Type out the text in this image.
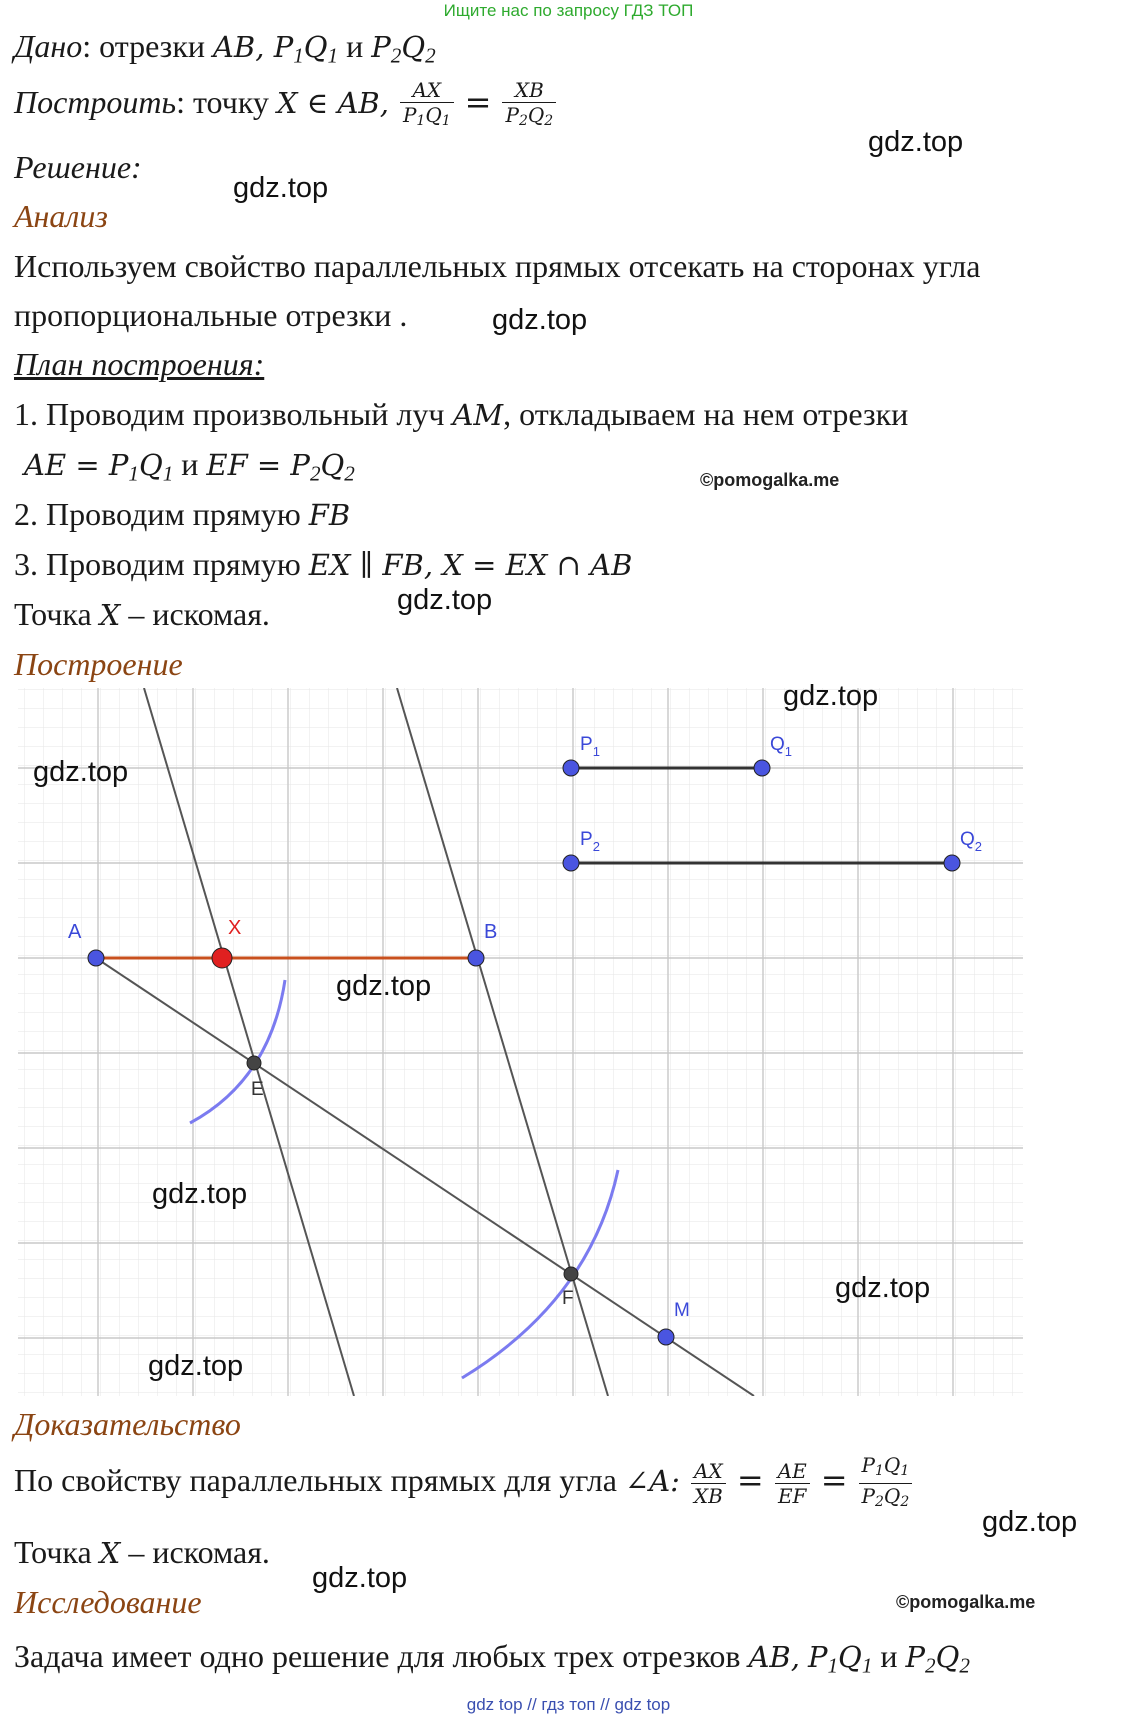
Ищите нас по запросу ГДЗ ТОП
Дано: отрезки AB, $P_1Q_1$ и $P_2Q_2$
Построить: точку X ∈ AB, $\frac{AX}{P_1Q_1} = \frac{XB}{P_2Q_2}$
Решение:
Анализ
Используем свойство параллельных прямых отсекать на сторонах угла
пропорциональные отрезки .
План построения:
1. Проводим произвольный луч AM, откладываем на нем отрезки
AE = $P_1Q_1$ и EF = $P_2Q_2$
2. Проводим прямую FB
3. Проводим прямую EX ∥ FB, X = EX ∩ AB
Точка X – искомая.
Построение
A	X	B
E
F
M
$P_1$	$Q_1$
$P_2$	$Q_2$
Доказательство
По свойству параллельных прямых для угла ∠A: $\frac{AX}{XB} = \frac{AE}{EF} = \frac{P_1Q_1}{P_2Q_2}$
Точка X – искомая.
Исследование
Задача имеет одно решение для любых трех отрезков AB, $P_1Q_1$ и $P_2Q_2$
gdz.top
gdz.top
gdz.top
gdz.top
gdz.top
gdz.top
gdz.top
gdz.top
gdz.top
gdz.top
gdz.top
gdz.top
©pomogalka.me
©pomogalka.me
gdz top // гдз топ // gdz top
